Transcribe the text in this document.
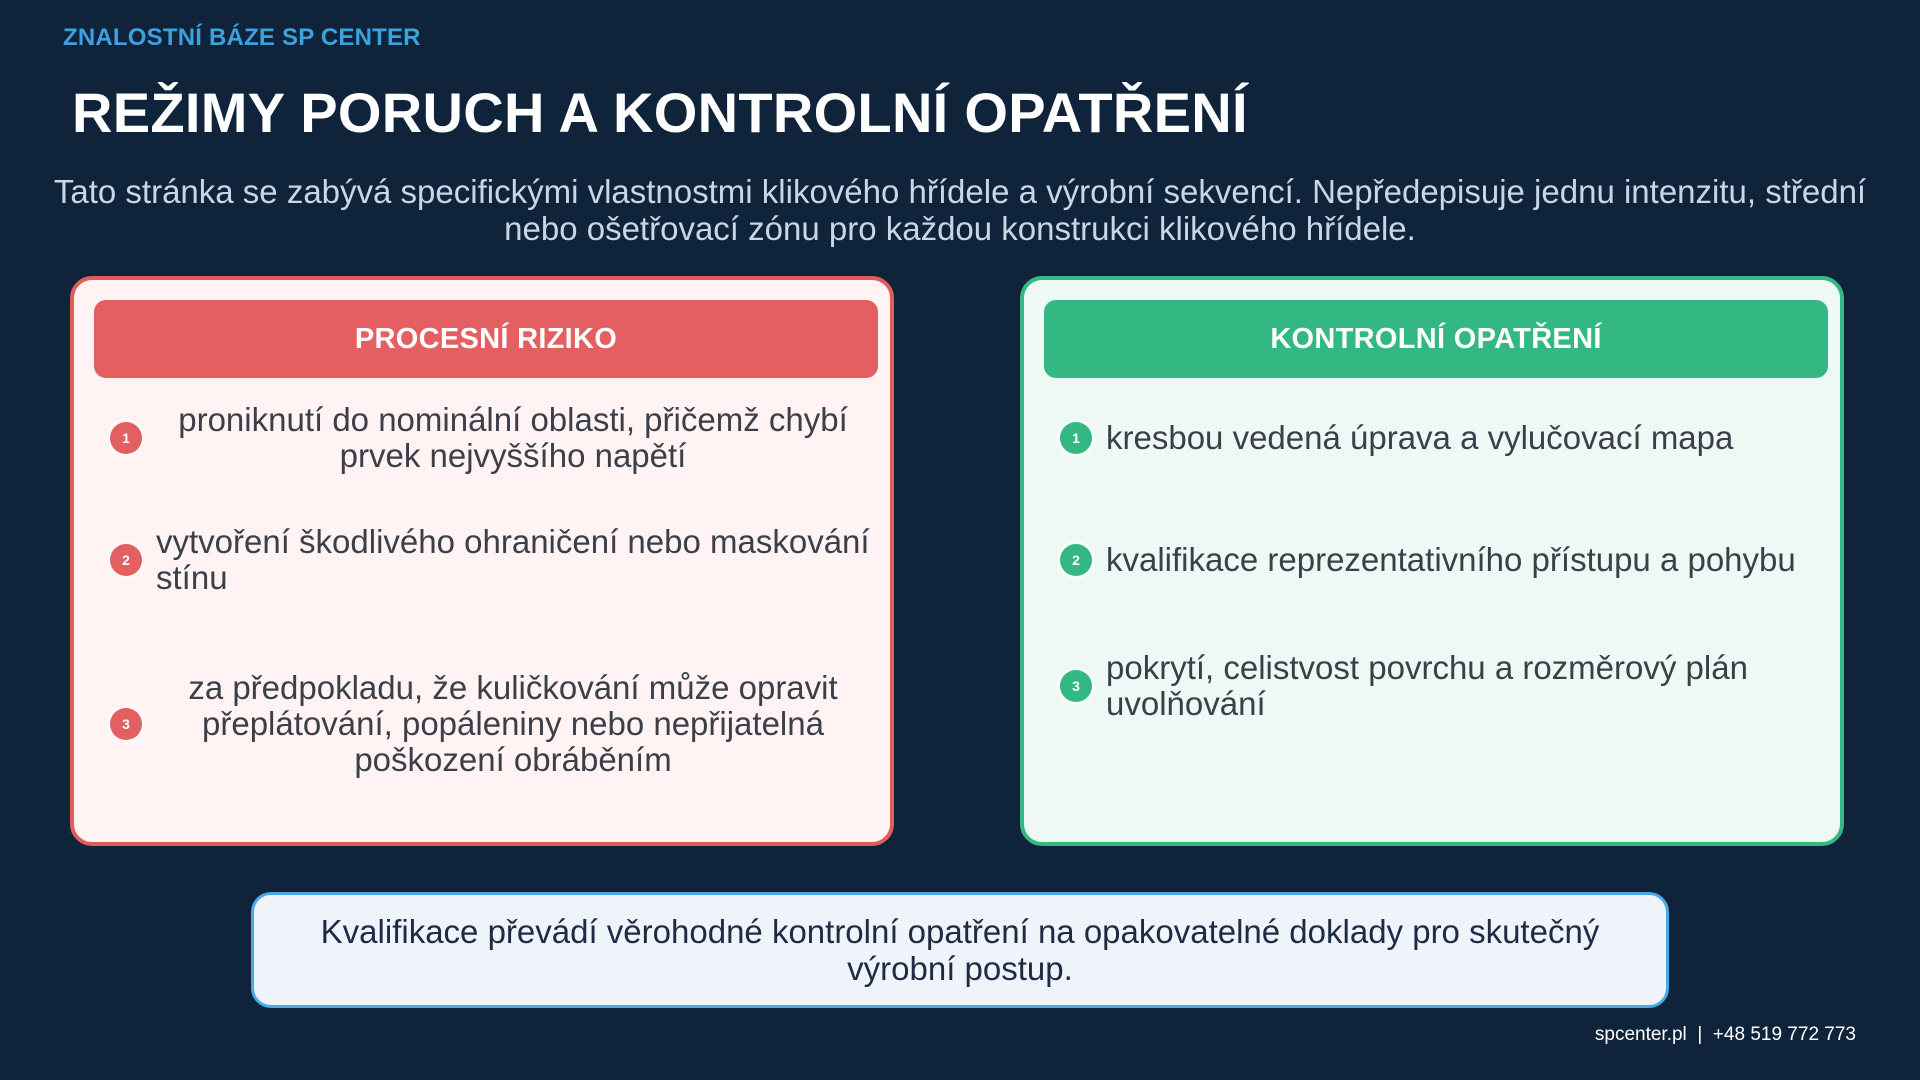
ZNALOSTNÍ BÁZE SP CENTER
REŽIMY PORUCH A KONTROLNÍ OPATŘENÍ
Tato stránka se zabývá specifickými vlastnostmi klikového hřídele a výrobní sekvencí. Nepředepisuje jednu intenzitu, střední nebo ošetřovací zónu pro každou konstrukci klikového hřídele.
PROCESNÍ RIZIKO
1	proniknutí do nominální oblasti, přičemž chybí prvek nejvyššího napětí
2 vytvoření škodlivého ohraničení nebo maskování stínu
3
za předpokladu, že kuličkování může opravit přeplátování, popáleniny nebo nepřijatelná poškození obráběním
KONTROLNÍ OPATŘENÍ
1 kresbou vedená úprava a vylučovací mapa
2 kvalifikace reprezentativního přístupu a pohybu
3 pokrytí, celistvost povrchu a rozměrový plán uvolňování
Kvalifikace převádí věrohodné kontrolní opatření na opakovatelné doklady pro skutečný výrobní postup.
spcenter.pl  |  +48 519 772 773
